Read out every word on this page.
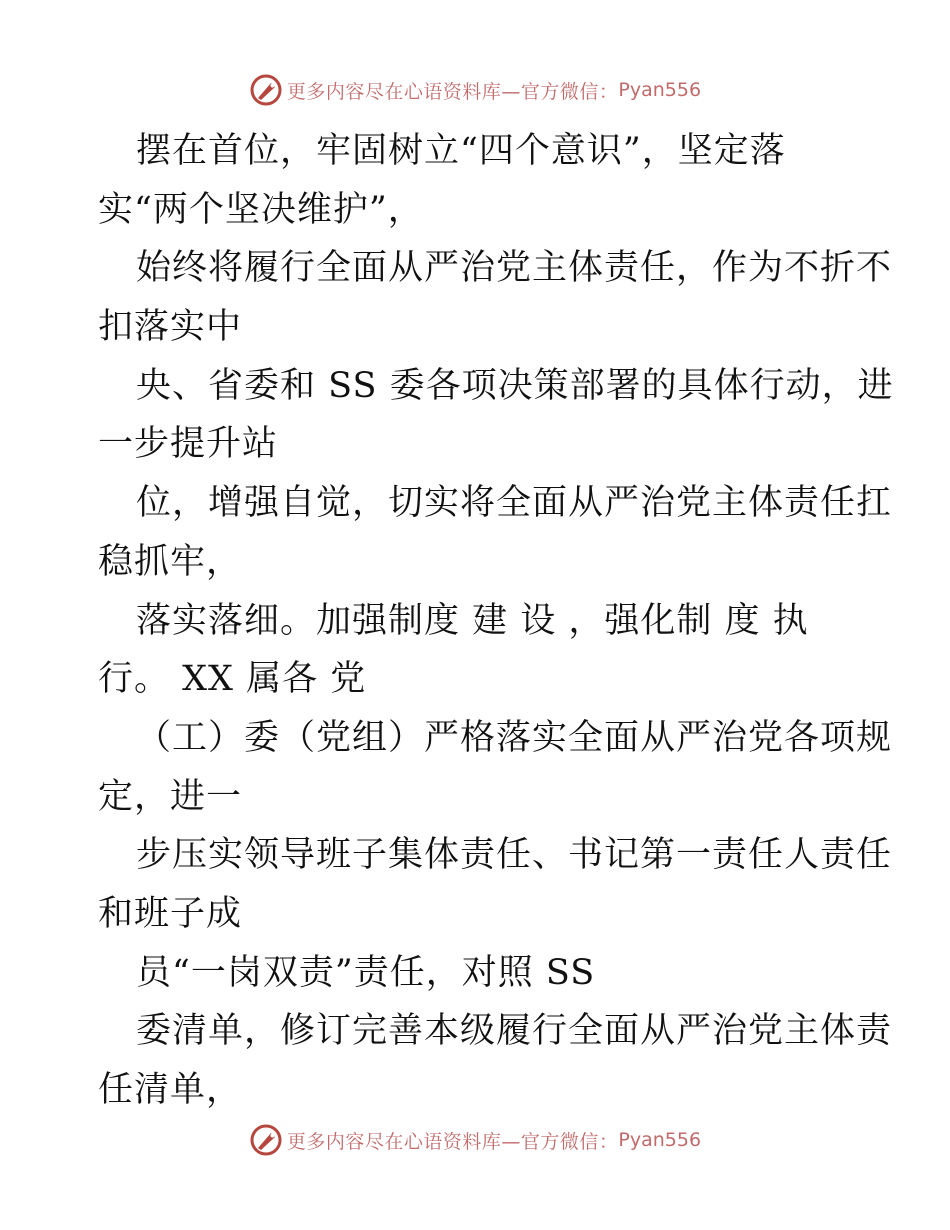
更多内容尽在心语资料库—官方微信： Pyan556
摆在首位，牢固树立“四个意识”，坚定落
实“两个坚决维护”，
始终将履行全面从严治党主体责任，作为不折不
扣落实中
央、省委和 SS 委各项决策部署的具体行动，进
一步提升站
位，增强自觉，切实将全面从严治党主体责任扛
稳抓牢，
落实落细。加强制度 建 设 ，强化制 度 执
行。 XX 属各 党
（工）委（党组）严格落实全面从严治党各项规
定，进一
步压实领导班子集体责任、书记第一责任人责任
和班子成
员“一岗双责”责任，对照 SS
委清单，修订完善本级履行全面从严治党主体责
任清单，
更多内容尽在心语资料库—官方微信： Pyan556
